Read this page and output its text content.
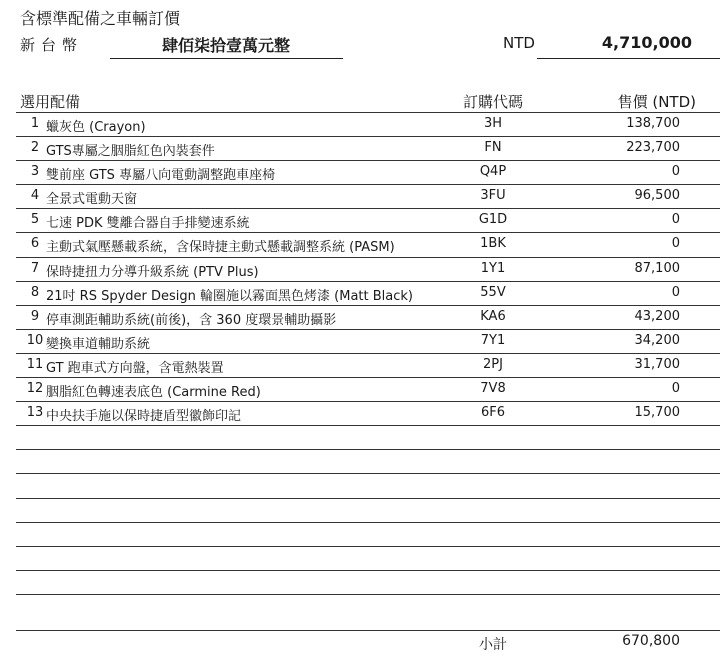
含標準配備之車輛訂價
新台幣	肆佰柒拾壹萬元整	NTD	4,710,000
選用配備	訂購代碼	售價 (NTD)
1 蠟灰色 (Crayon)	3H	138,700
2 GTS專屬之胭脂紅色內裝套件	FN	223,700
3 雙前座 GTS 專屬八向電動調整跑車座椅	Q4P	0
4 全景式電動天窗	3FU	96,500
5 七速 PDK 雙離合器自手排變速系統	G1D	0
6 主動式氣壓懸載系統，含保時捷主動式懸載調整系統 (PASM)	1BK	0
7 保時捷扭力分導升級系統 (PTV Plus)	1Y1	87,100
8 21吋 RS Spyder Design 輪圈施以霧面黑色烤漆 (Matt Black)	55V	0
9 停車測距輔助系統(前後)，含 360 度環景輔助攝影	KA6	43,200
10 變換車道輔助系統	7Y1	34,200
11 GT 跑車式方向盤，含電熱裝置	2PJ	31,700
12 胭脂紅色轉速表底色 (Carmine Red)	7V8	0
13 中央扶手施以保時捷盾型徽飾印記	6F6	15,700
小計	670,800
